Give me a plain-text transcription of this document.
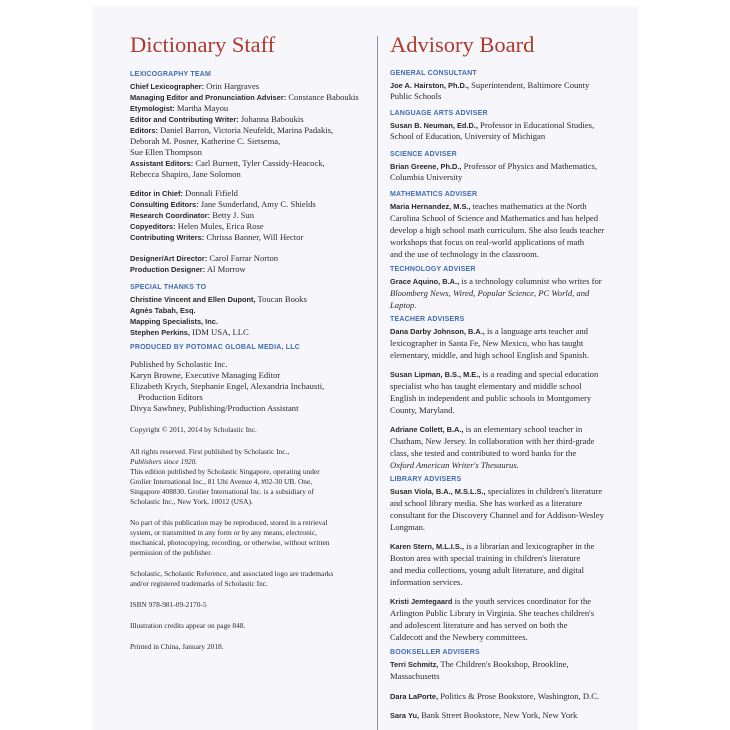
Dictionary Staff
LEXICOGRAPHY TEAM
Chief Lexicographer: Orin Hargraves
Managing Editor and Pronunciation Adviser: Constance Baboukis
Etymologist: Martha Mayou
Editor and Contributing Writer: Johanna Baboukis
Editors: Daniel Barron, Victoria Neufeldt, Marina Padakis,
Deborah M. Posner, Katherine C. Sietsema,
Sue Ellen Thompson
Assistant Editors: Carl Burnett, Tyler Cassidy-Heacock,
Rebecca Shapiro, Jane Solomon
Editor in Chief: Donnali Fifield
Consulting Editors: Jane Sunderland, Amy C. Shields
Research Coordinator: Betty J. Sun
Copyeditors: Helen Mules, Erica Rose
Contributing Writers: Chrissa Banner, Will Hector
Designer/Art Director: Carol Farrar Norton
Production Designer: Al Morrow
SPECIAL THANKS TO
Christine Vincent and Ellen Dupont, Toucan Books
Agnès Tabah, Esq.
Mapping Specialists, Inc.
Stephen Perkins, IDM USA, LLC
PRODUCED BY POTOMAC GLOBAL MEDIA, LLC
Published by Scholastic Inc.
Karyn Browne, Executive Managing Editor
Elizabeth Krych, Stephanie Engel, Alexandria Inchausti,
Production Editors
Divya Sawhney, Publishing/Production Assistant
Copyright © 2011, 2014 by Scholastic Inc.
All rights reserved. First published by Scholastic Inc.,
Publishers since 1920.
This edition published by Scholastic Singapore, operating under
Grolier International Inc., 81 Ubi Avenue 4, #02-30 UB. One,
Singapore 408830. Grolier International Inc. is a subsidiary of
Scholastic Inc., New York, 10012 (USA).
No part of this publication may be reproduced, stored in a retrieval
system, or transmitted in any form or by any means, electronic,
mechanical, photocopying, recording, or otherwise, without written
permission of the publisher.
Scholastic, Scholastic Reference, and associated logo are trademarks
and/or registered trademarks of Scholastic Inc.
ISBN 978-981-09-2170-5
Illustration credits appear on page 848.
Printed in China, January 2018.
Advisory Board
GENERAL CONSULTANT
Joe A. Hairston, Ph.D., Superintendent, Baltimore County
Public Schools
LANGUAGE ARTS ADVISER
Susan B. Neuman, Ed.D., Professor in Educational Studies,
School of Education, University of Michigan
SCIENCE ADVISER
Brian Greene, Ph.D., Professor of Physics and Mathematics,
Columbia University
MATHEMATICS ADVISER
Maria Hernandez, M.S., teaches mathematics at the North
Carolina School of Science and Mathematics and has helped
develop a high school math curriculum. She also leads teacher
workshops that focus on real-world applications of math
and the use of technology in the classroom.
TECHNOLOGY ADVISER
Grace Aquino, B.A., is a technology columnist who writes for
Bloomberg News, Wired, Popular Science, PC World, and
Laptop.
TEACHER ADVISERS
Dana Darby Johnson, B.A., is a language arts teacher and
lexicographer in Santa Fe, New Mexico, who has taught
elementary, middle, and high school English and Spanish.
Susan Lipman, B.S., M.E., is a reading and special education
specialist who has taught elementary and middle school
English in independent and public schools in Montgomery
County, Maryland.
Adriane Collett, B.A., is an elementary school teacher in
Chatham, New Jersey. In collaboration with her third-grade
class, she tested and contributed to word banks for the
Oxford American Writer's Thesaurus.
LIBRARY ADVISERS
Susan Viola, B.A., M.S.L.S., specializes in children's literature
and school library media. She has worked as a literature
consultant for the Discovery Channel and for Addison-Wesley
Longman.
Karen Stern, M.L.I.S., is a librarian and lexicographer in the
Boston area with special training in children's literature
and media collections, young adult literature, and digital
information services.
Kristi Jemtegaard is the youth services coordinator for the
Arlington Public Library in Virginia. She teaches children's
and adolescent literature and has served on both the
Caldecott and the Newbery committees.
BOOKSELLER ADVISERS
Terri Schmitz, The Children's Bookshop, Brookline,
Massachusetts
Dara LaPorte, Politics & Prose Bookstore, Washington, D.C.
Sara Yu, Bank Street Bookstore, New York, New York
